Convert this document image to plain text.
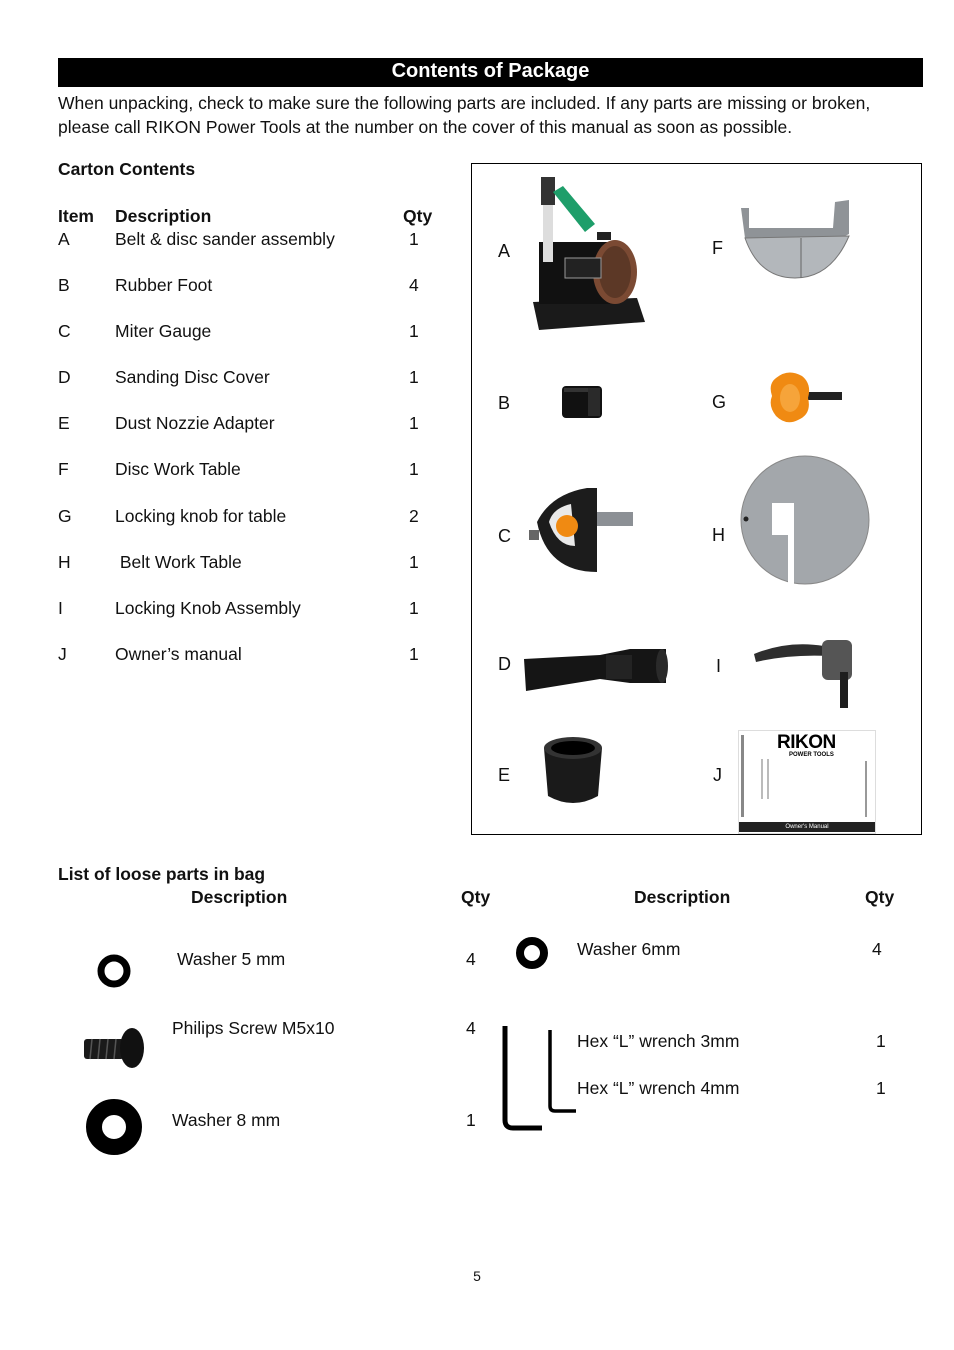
Contents of Package
When unpacking, check to make sure the following parts are included. If any parts are missing or broken, please call RIKON Power Tools at the number on the cover of this manual as soon as possible.
Carton Contents
Item Description	Qty
A	Belt & disc sander assembly	1
B	Rubber Foot	4
C	Miter Gauge	1
D	Sanding Disc Cover	1
E	Dust Nozzie Adapter	1
F	Disc Work Table	1
G Locking knob for table	2
H	Belt Work Table	1
I	Locking Knob Assembly	1
J	Owner’s manual	1
A	F
B	G
C	H
D	I
E	J
RIKON
POWER TOOLS
Owner's Manual
List of loose parts in bag
Description	Qty	Description	Qty
Washer 5 mm	4
Philips Screw M5x10	4
Washer 8 mm	1
Washer 6mm	4
Hex “L” wrench 3mm	1
Hex “L” wrench 4mm	1
5
